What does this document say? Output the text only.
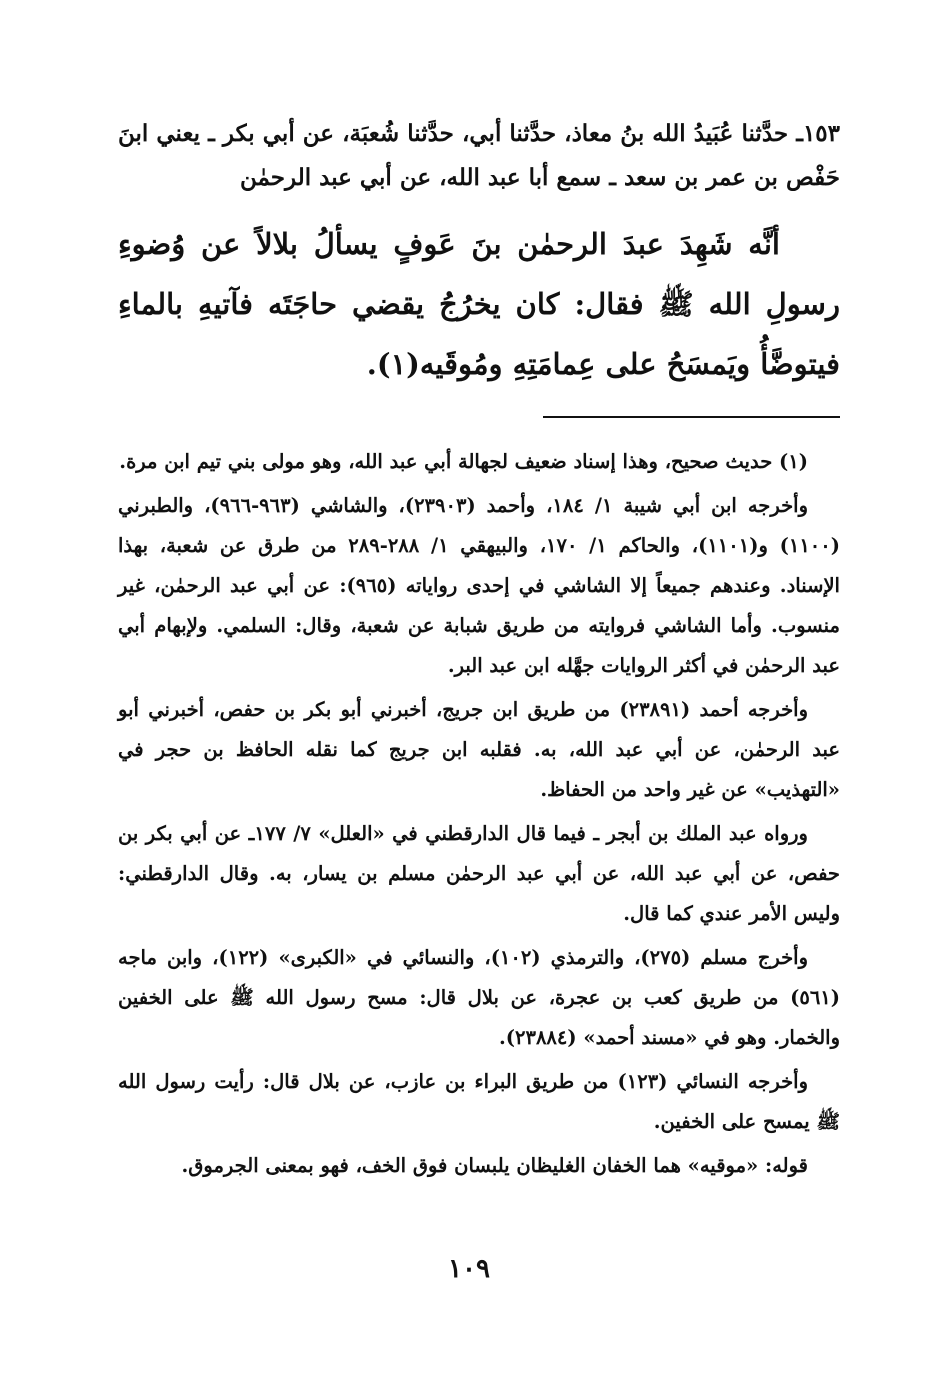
١٥٣ـ حدَّثنا عُبَيدُ الله بنُ معاذ، حدَّثنا أبي، حدَّثنا شُعبَة، عن أبي بكر ـ يعني ابنَ حَفْص بن عمر بن سعد ـ سمع أبا عبد الله، عن أبي عبد الرحمٰن

أنَّه شَهِدَ عبدَ الرحمٰن بنَ عَوفٍ يسألُ بلالاً عن وُضوءِ رسولِ الله ﷺ فقال: كان يخرُجُ يقضي حاجَتَه فآتيهِ بالماءِ فيتوضَّأُ ويَمسَحُ على عِمامَتِهِ ومُوقَيه(١).

(١) حديث صحيح، وهذا إسناد ضعيف لجهالة أبي عبد الله، وهو مولى بني تيم ابن مرة.

وأخرجه ابن أبي شيبة ١/ ١٨٤، وأحمد (٢٣٩٠٣)، والشاشي (٩٦٣-٩٦٦)، والطبرني (١١٠٠) و(١١٠١)، والحاكم ١/ ١٧٠، والبيهقي ١/ ٢٨٨-٢٨٩ من طرق عن شعبة، بهذا الإسناد. وعندهم جميعاً إلا الشاشي في إحدى رواياته (٩٦٥): عن أبي عبد الرحمٰن، غير منسوب. وأما الشاشي فروايته من طريق شبابة عن شعبة، وقال: السلمي. ولإبهام أبي عبد الرحمٰن في أكثر الروايات جهَّله ابن عبد البر.

وأخرجه أحمد (٢٣٨٩١) من طريق ابن جريج، أخبرني أبو بكر بن حفص، أخبرني أبو عبد الرحمٰن، عن أبي عبد الله، به. فقلبه ابن جريج كما نقله الحافظ بن حجر في «التهذيب» عن غير واحد من الحفاظ.

ورواه عبد الملك بن أبجر ـ فيما قال الدارقطني في «العلل» ٧/ ١٧٧ـ عن أبي بكر بن حفص، عن أبي عبد الله، عن أبي عبد الرحمٰن مسلم بن يسار، به. وقال الدارقطني: وليس الأمر عندي كما قال.

وأخرج مسلم (٢٧٥)، والترمذي (١٠٢)، والنسائي في «الكبرى» (١٢٢)، وابن ماجه (٥٦١) من طريق كعب بن عجرة، عن بلال قال: مسح رسول الله ﷺ على الخفين والخمار. وهو في «مسند أحمد» (٢٣٨٨٤).

وأخرجه النسائي (١٢٣) من طريق البراء بن عازب، عن بلال قال: رأيت رسول الله ﷺ يمسح على الخفين.

قوله: «موقيه» هما الخفان الغليظان يلبسان فوق الخف، فهو بمعنى الجرموق.

١٠٩
